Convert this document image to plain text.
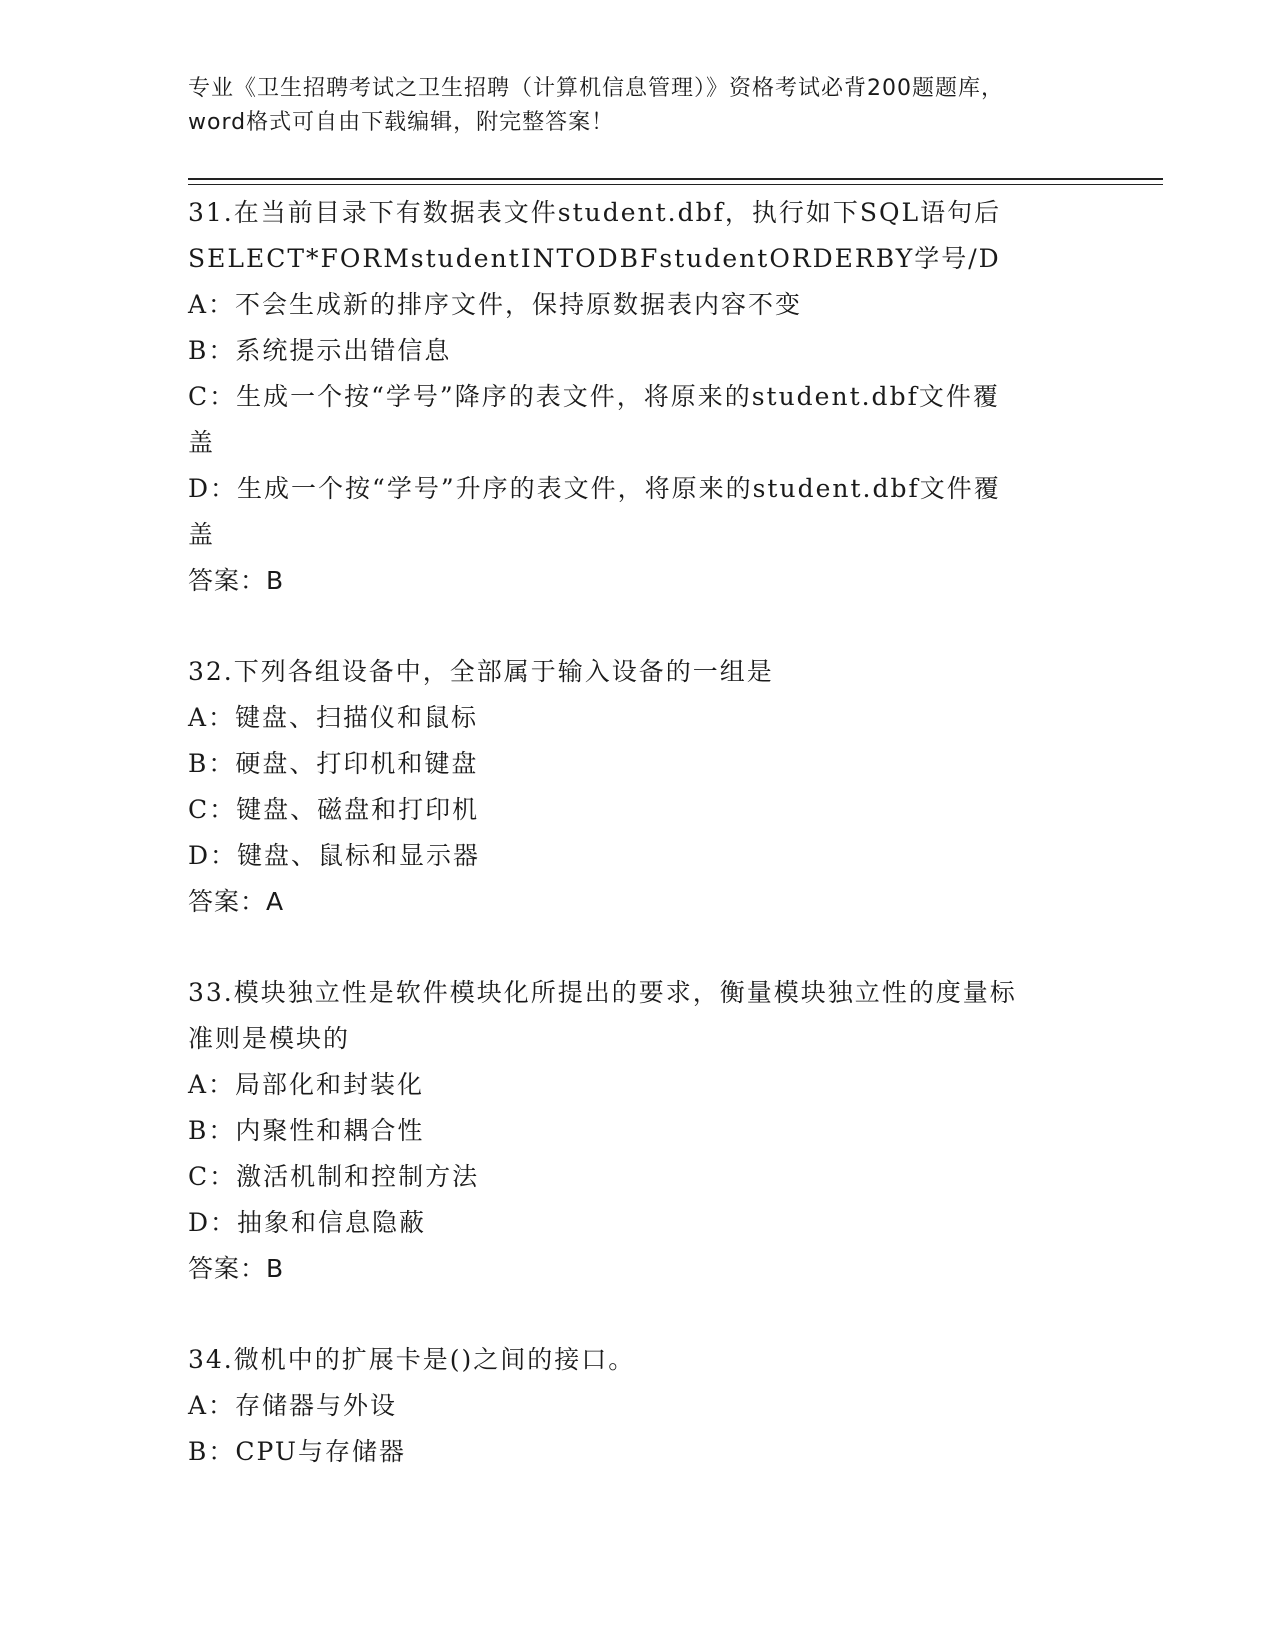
专业《卫生招聘考试之卫生招聘（计算机信息管理）》资格考试必背200题题库，
word格式可自由下载编辑，附完整答案！
31.在当前目录下有数据表文件student.dbf，执行如下SQL语句后
SELECT*FORMstudentINTODBFstudentORDERBY学号/D
A：不会生成新的排序文件，保持原数据表内容不变
B：系统提示出错信息
C：生成一个按“学号”降序的表文件，将原来的student.dbf文件覆
盖
D：生成一个按“学号”升序的表文件，将原来的student.dbf文件覆
盖
答案：B
32.下列各组设备中，全部属于输入设备的一组是
A：键盘、扫描仪和鼠标
B：硬盘、打印机和键盘
C：键盘、磁盘和打印机
D：键盘、鼠标和显示器
答案：A
33.模块独立性是软件模块化所提出的要求，衡量模块独立性的度量标
准则是模块的
A：局部化和封装化
B：内聚性和耦合性
C：激活机制和控制方法
D：抽象和信息隐蔽
答案：B
34.微机中的扩展卡是()之间的接口。
A：存储器与外设
B：CPU与存储器
